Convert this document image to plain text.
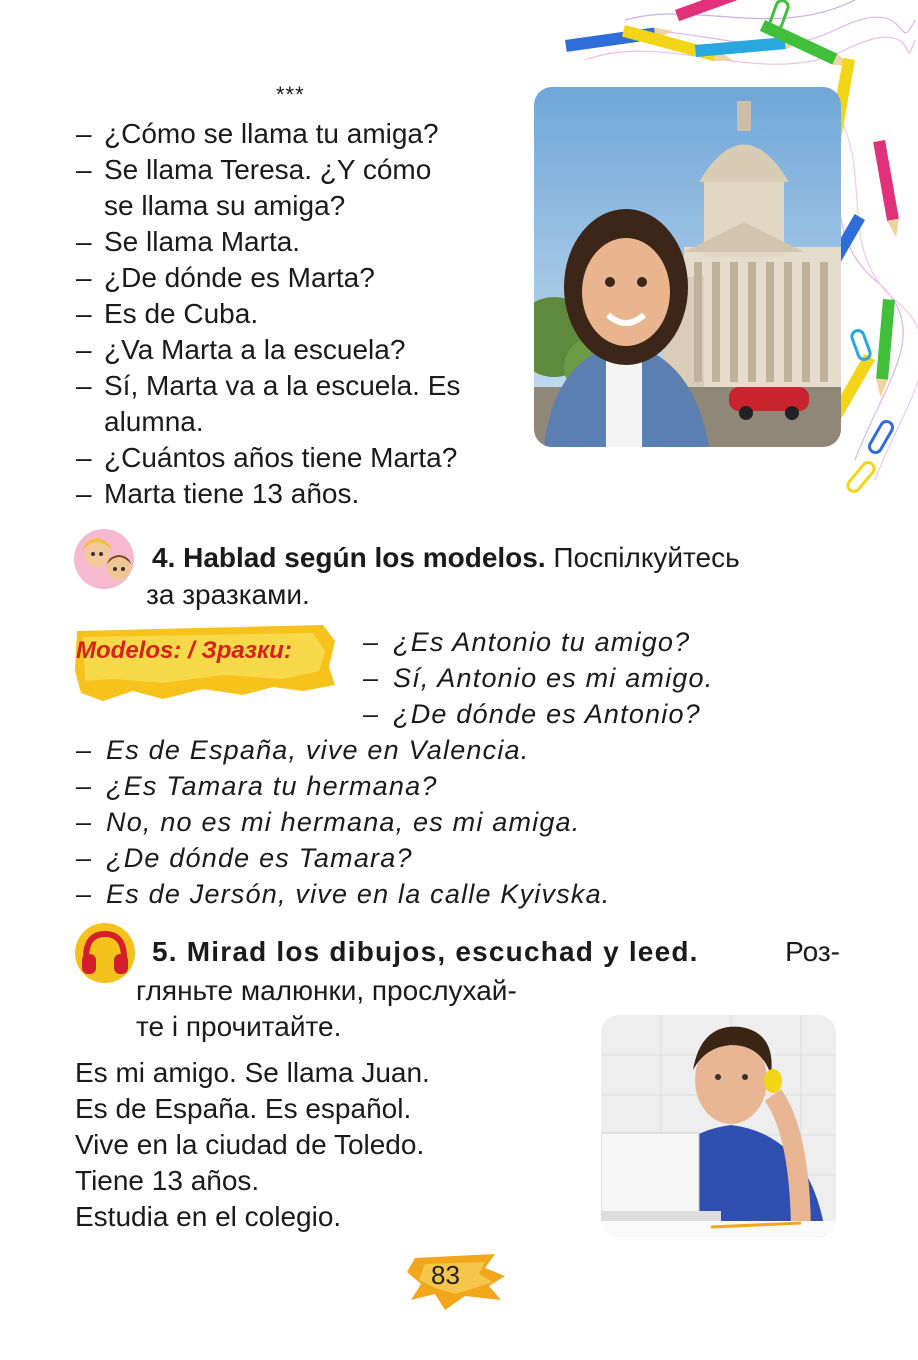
***
– ¿Cómo se llama tu amiga?
– Se llama Teresa. ¿Y cómo
se llama su amiga?
– Se llama Marta.
– ¿De dónde es Marta?
– Es de Cuba.
– ¿Va Marta a la escuela?
– Sí, Marta va a la escuela. Es
alumna.
– ¿Cuántos años tiene Marta?
– Marta tiene 13 años.
4. Hablad según los modelos. Поспілкуйтесь
за зразками.
Modelos: / Зразки:	– ¿Es Antonio tu amigo?
– Sí, Antonio es mi amigo.
– ¿De dónde es Antonio?
– Es de España, vive en Valencia.
– ¿Es Tamara tu hermana?
– No, no es mi hermana, es mi amiga.
– ¿De dónde es Tamara?
– Es de Jersón, vive en la calle Kyivska.
5. Mirad los dibujos, escuchad y leed.	Роз-
гляньте малюнки, прослухай-
те і прочитайте.
Es mi amigo. Se llama Juan.
Es de España. Es español.
Vive en la ciudad de Toledo.
Tiene 13 años.
Estudia en el colegio.
83
